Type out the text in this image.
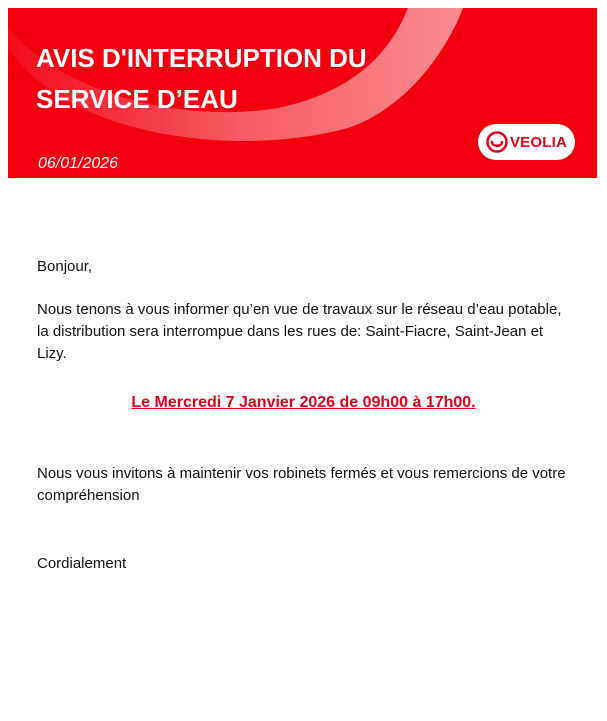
AVIS D'INTERRUPTION DU
SERVICE D’EAU
06/01/2026
VEOLIA

Bonjour,

Nous tenons à vous informer qu’en vue de travaux sur le réseau d’eau potable, la distribution sera interrompue dans les rues de: Saint-Fiacre, Saint-Jean et Lizy.

Le Mercredi 7 Janvier 2026 de 09h00 à 17h00.

Nous vous invitons à maintenir vos robinets fermés et vous remercions de votre compréhension

Cordialement
